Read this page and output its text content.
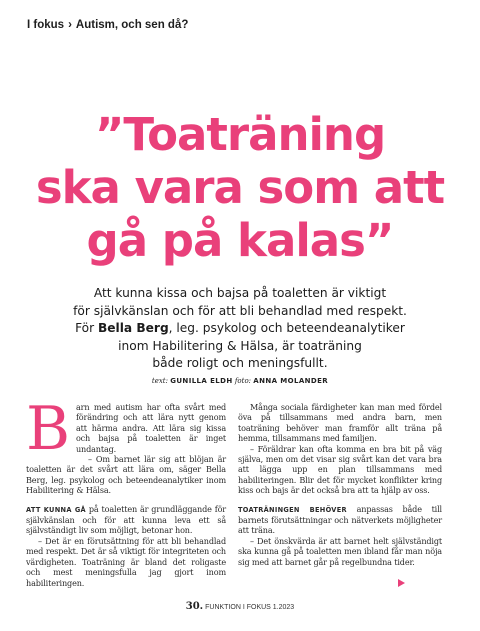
I fokus › Autism, och sen då?
”Toaträning
ska vara som att
gå på kalas”
Att kunna kissa och bajsa på toaletten är viktigt
för självkänslan och för att bli behandlad med respekt.
För Bella Berg, leg. psykolog och beteendeanalytiker
inom Habilitering & Hälsa, är toaträning
både roligt och meningsfullt.
text: GUNILLA ELDH foto: ANNA MOLANDER
B arn med autism har ofta svårt med förändring och att lära nytt genom att härma andra. Att lära sig kissa och bajsa på toaletten är inget undantag.

– Om barnet lär sig att blöjan är toaletten är det svårt att lära om, säger Bella Berg, leg. psykolog och beteendeanalytiker inom Habilitering & Hälsa.

ATT KUNNA GÅ på toaletten är grundläggande för självkänslan och för att kunna leva ett så självständigt liv som möjligt, betonar hon.

– Det är en förutsättning för att bli behandlad med respekt. Det är så viktigt för integriteten och värdigheten. Toaträning är bland det roligaste och mest meningsfulla jag gjort inom habiliteringen.

Många sociala färdigheter kan man med fördel öva på tillsammans med andra barn, men toaträning behöver man framför allt träna på hemma, tillsammans med familjen.

– Föräldrar kan ofta komma en bra bit på väg själva, men om det visar sig svårt kan det vara bra att lägga upp en plan tillsammans med habiliteringen. Blir det för mycket konflikter kring kiss och bajs är det också bra att ta hjälp av oss.

TOATRÄNINGEN BEHÖVER anpassas både till barnets förutsättningar och nätverkets möjligheter att träna.

– Det önskvärda är att barnet helt självständigt ska kunna gå på toaletten men ibland får man nöja sig med att barnet går på regelbundna tider.

30. FUNKTION I FOKUS 1.2023
